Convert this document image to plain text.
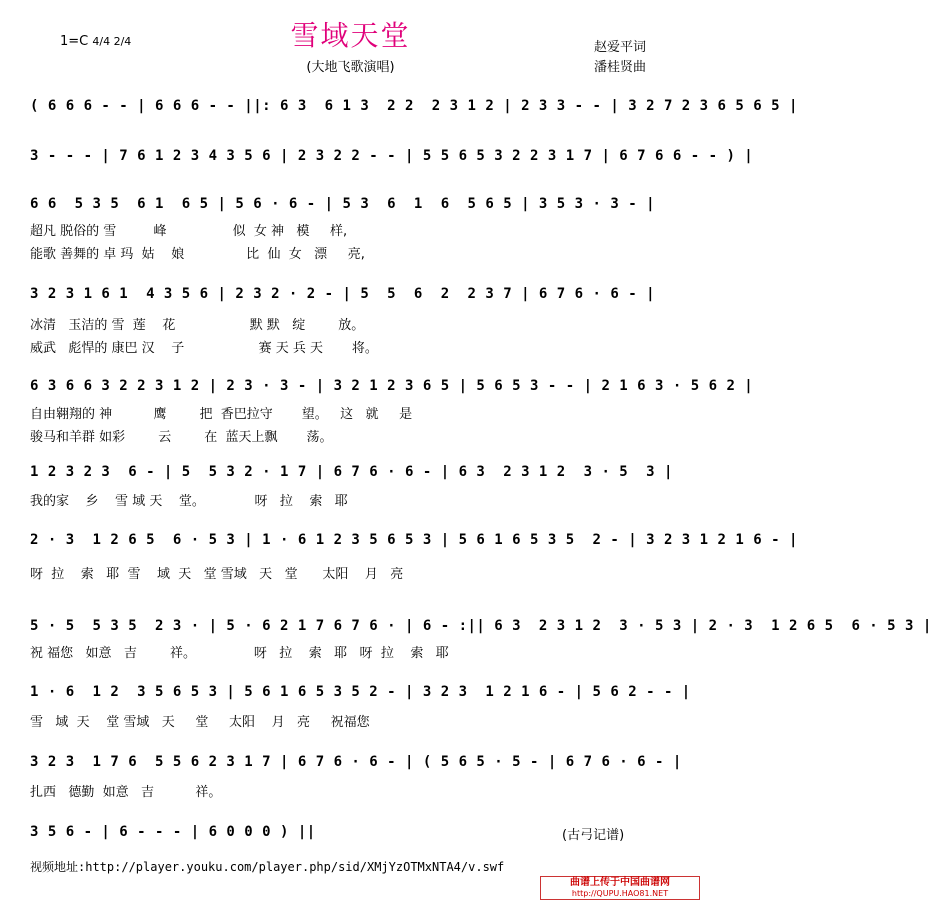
雪域天堂
(大地飞歌演唱)
1=C 4/4 2/4	赵爱平词
潘桂贤曲
( 6 6 6 - - | 6 6 6 - - ||: 6 3  6 1 3  2 2  2 3 1 2 | 2 3 3 - - | 3 2 7 2 3 6 5 6 5 |
3 - - - | 7 6 1 2 3 4 3 5 6 | 2 3 2 2 - - | 5 5 6 5 3 2 2 3 1 7 | 6 7 6 6 - - ) |
6 6  5 3 5  6 1  6 5 | 5 6 · 6 - | 5 3  6  1  6  5 6 5 | 3 5 3 · 3 - |
超凡 脱俗的 雪         峰                似  女 神   模     样,
能歌 善舞的 卓 玛  姑    娘               比  仙  女   漂     亮,
3 2 3 1 6 1  4 3 5 6 | 2 3 2 · 2 - | 5  5  6  2  2 3 7 | 6 7 6 · 6 - |
冰清   玉洁的 雪  莲    花                  默 默   绽        放。
威武   彪悍的 康巴 汉    子                  赛 天 兵 天       将。
6 3 6 6 3 2 2 3 1 2 | 2 3 · 3 - | 3 2 1 2 3 6 5 | 5 6 5 3 - - | 2 1 6 3 · 5 6 2 |
自由翱翔的 神          鹰        把  香巴拉守       望。   这   就     是
骏马和羊群 如彩        云        在  蓝天上飘       荡。
1 2 3 2 3  6 - | 5  5 3 2 · 1 7 | 6 7 6 · 6 - | 6 3  2 3 1 2  3 · 5  3 |
我的家    乡    雪 域 天    堂。            呀   拉    索   耶
2 · 3  1 2 6 5  6 · 5 3 | 1 · 6 1 2 3 5 6 5 3 | 5 6 1 6 5 3 5  2 - | 3 2 3 1 2 1 6 - |
呀  拉    索   耶  雪    域  天   堂 雪域   天   堂      太阳    月   亮
5 · 5  5 3 5  2 3 · | 5 · 6 2 1 7 6 7 6 · | 6 - :|| 6 3  2 3 1 2  3 · 5 3 | 2 · 3  1 2 6 5  6 · 5 3 |
祝 福您   如意   吉        祥。              呀   拉    索   耶   呀  拉    索   耶
1 · 6  1 2  3 5 6 5 3 | 5 6 1 6 5 3 5 2 - | 3 2 3  1 2 1 6 - | 5 6 2 - - |
雪   域  天    堂 雪域   天     堂     太阳    月   亮     祝福您
3 2 3  1 7 6  5 5 6 2 3 1 7 | 6 7 6 · 6 - | ( 5 6 5 · 5 - | 6 7 6 · 6 - |
扎西   德勤  如意   吉          祥。
3 5 6 - | 6 - - - | 6 0 0 0 ) ||	(古弓记谱)
视频地址:http://player.youku.com/player.php/sid/XMjYzOTMxNTA4/v.swf
曲谱上传于中国曲谱网
http://QUPU.HAO81.NET
